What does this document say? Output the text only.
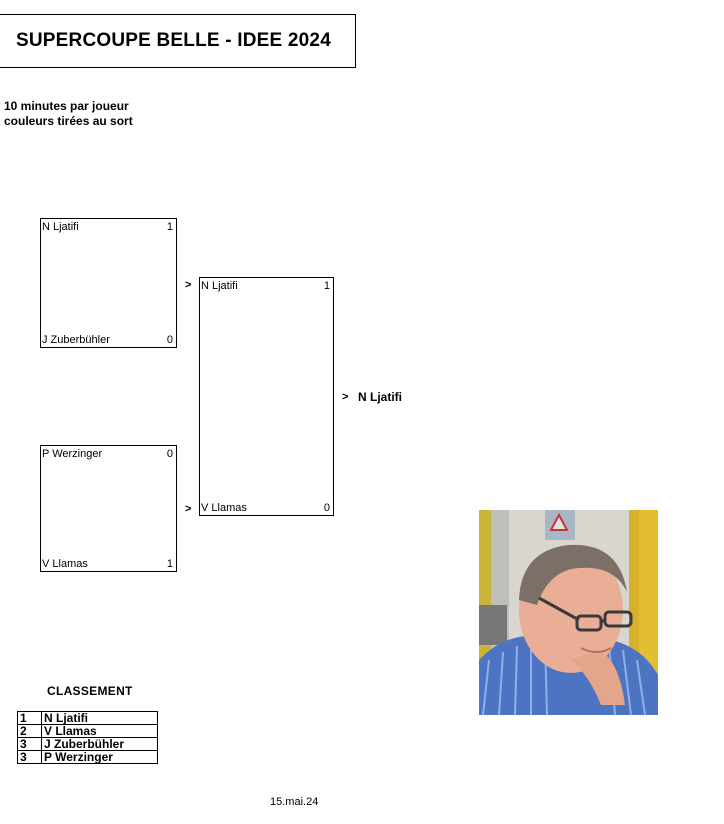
SUPERCOUPE BELLE - IDEE 2024
10 minutes par joueur
couleurs tirées au sort
N Ljatifi	1
J Zuberbühler	0
P Werzinger	0
V Llamas	1
>
>
N Ljatifi	1
V Llamas	0
> N Ljatifi
CLASSEMENT
1	N Ljatifi
2	V Llamas
3	J Zuberbühler
3	P Werzinger
15.mai.24
